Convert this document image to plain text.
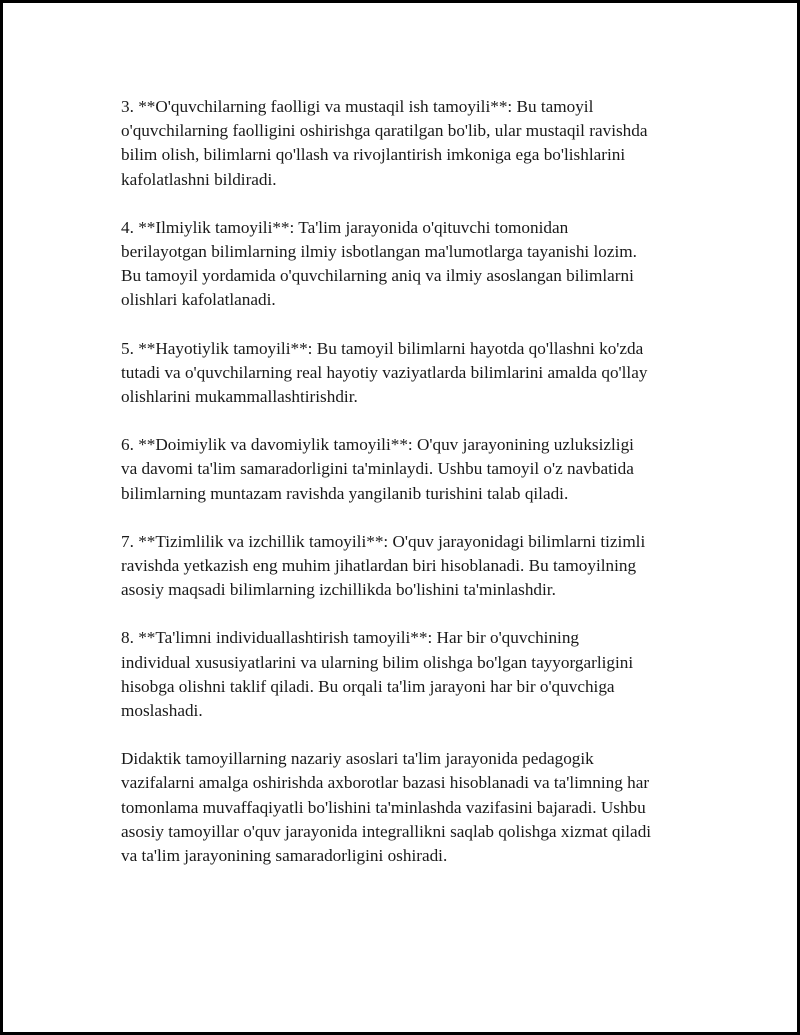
3. **O'quvchilarning faolligi va mustaqil ish tamoyili**: Bu tamoyil
o'quvchilarning faolligini oshirishga qaratilgan bo'lib, ular mustaqil ravishda
bilim olish, bilimlarni qo'llash va rivojlantirish imkoniga ega bo'lishlarini
kafolatlashni bildiradi.

4. **Ilmiylik tamoyili**: Ta'lim jarayonida o'qituvchi tomonidan
berilayotgan bilimlarning ilmiy isbotlangan ma'lumotlarga tayanishi lozim.
Bu tamoyil yordamida o'quvchilarning aniq va ilmiy asoslangan bilimlarni
olishlari kafolatlanadi.

5. **Hayotiylik tamoyili**: Bu tamoyil bilimlarni hayotda qo'llashni ko'zda
tutadi va o'quvchilarning real hayotiy vaziyatlarda bilimlarini amalda qo'llay
olishlarini mukammallashtirishdir.

6. **Doimiylik va davomiylik tamoyili**: O'quv jarayonining uzluksizligi
va davomi ta'lim samaradorligini ta'minlaydi. Ushbu tamoyil o'z navbatida
bilimlarning muntazam ravishda yangilanib turishini talab qiladi.

7. **Tizimlilik va izchillik tamoyili**: O'quv jarayonidagi bilimlarni tizimli
ravishda yetkazish eng muhim jihatlardan biri hisoblanadi. Bu tamoyilning
asosiy maqsadi bilimlarning izchillikda bo'lishini ta'minlashdir.

8. **Ta'limni individuallashtirish tamoyili**: Har bir o'quvchining
individual xususiyatlarini va ularning bilim olishga bo'lgan tayyorgarligini
hisobga olishni taklif qiladi. Bu orqali ta'lim jarayoni har bir o'quvchiga
moslashadi.

Didaktik tamoyillarning nazariy asoslari ta'lim jarayonida pedagogik
vazifalarni amalga oshirishda axborotlar bazasi hisoblanadi va ta'limning har
tomonlama muvaffaqiyatli bo'lishini ta'minlashda vazifasini bajaradi. Ushbu
asosiy tamoyillar o'quv jarayonida integrallikni saqlab qolishga xizmat qiladi
va ta'lim jarayonining samaradorligini oshiradi.
